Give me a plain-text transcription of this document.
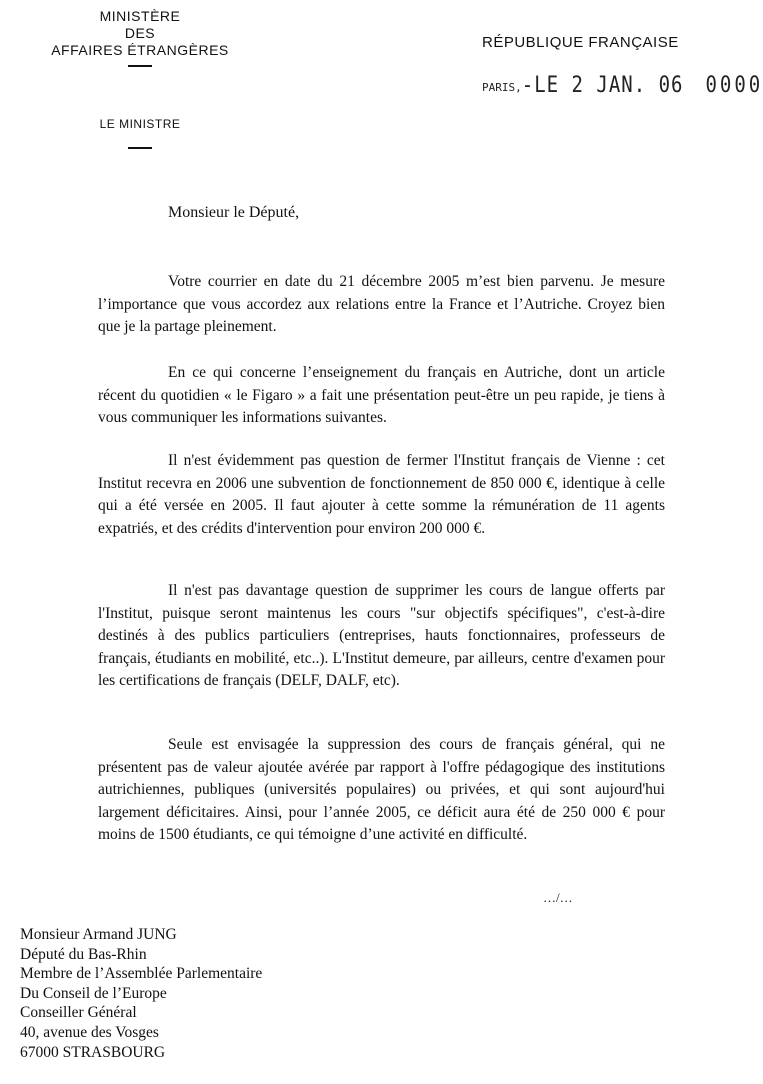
MINISTÈRE
DES
AFFAIRES ÉTRANGÈRES
LE MINISTRE
RÉPUBLIQUE FRANÇAISE
PARIS,-LE 2 JAN. 06 0000
Monsieur le Député,

Votre courrier en date du 21 décembre 2005 m’est bien parvenu. Je mesure l’importance que vous accordez aux relations entre la France et l’Autriche. Croyez bien que je la partage pleinement.

En ce qui concerne l’enseignement du français en Autriche, dont un article récent du quotidien « le Figaro » a fait une présentation peut-être un peu rapide, je tiens à vous communiquer les informations suivantes.

Il n'est évidemment pas question de fermer l'Institut français de Vienne : cet Institut recevra en 2006 une subvention de fonctionnement de 850 000 €, identique à celle qui a été versée en 2005. Il faut ajouter à cette somme la rémunération de 11 agents expatriés, et des crédits d'intervention pour environ 200 000 €.

Il n'est pas davantage question de supprimer les cours de langue offerts par l'Institut, puisque seront maintenus les cours "sur objectifs spécifiques", c'est-à-dire destinés à des publics particuliers (entreprises, hauts fonctionnaires, professeurs de français, étudiants en mobilité, etc..). L'Institut demeure, par ailleurs, centre d'examen pour les certifications de français (DELF, DALF, etc).

Seule est envisagée la suppression des cours de français général, qui ne présentent pas de valeur ajoutée avérée par rapport à l'offre pédagogique des institutions autrichiennes, publiques (universités populaires) ou privées, et qui sont aujourd'hui largement déficitaires. Ainsi, pour l’année 2005, ce déficit aura été de 250 000 € pour moins de 1500 étudiants, ce qui témoigne d’une activité en difficulté.

…/…
Monsieur Armand JUNG
Député du Bas-Rhin
Membre de l’Assemblée Parlementaire
Du Conseil de l’Europe
Conseiller Général
40, avenue des Vosges
67000 STRASBOURG
